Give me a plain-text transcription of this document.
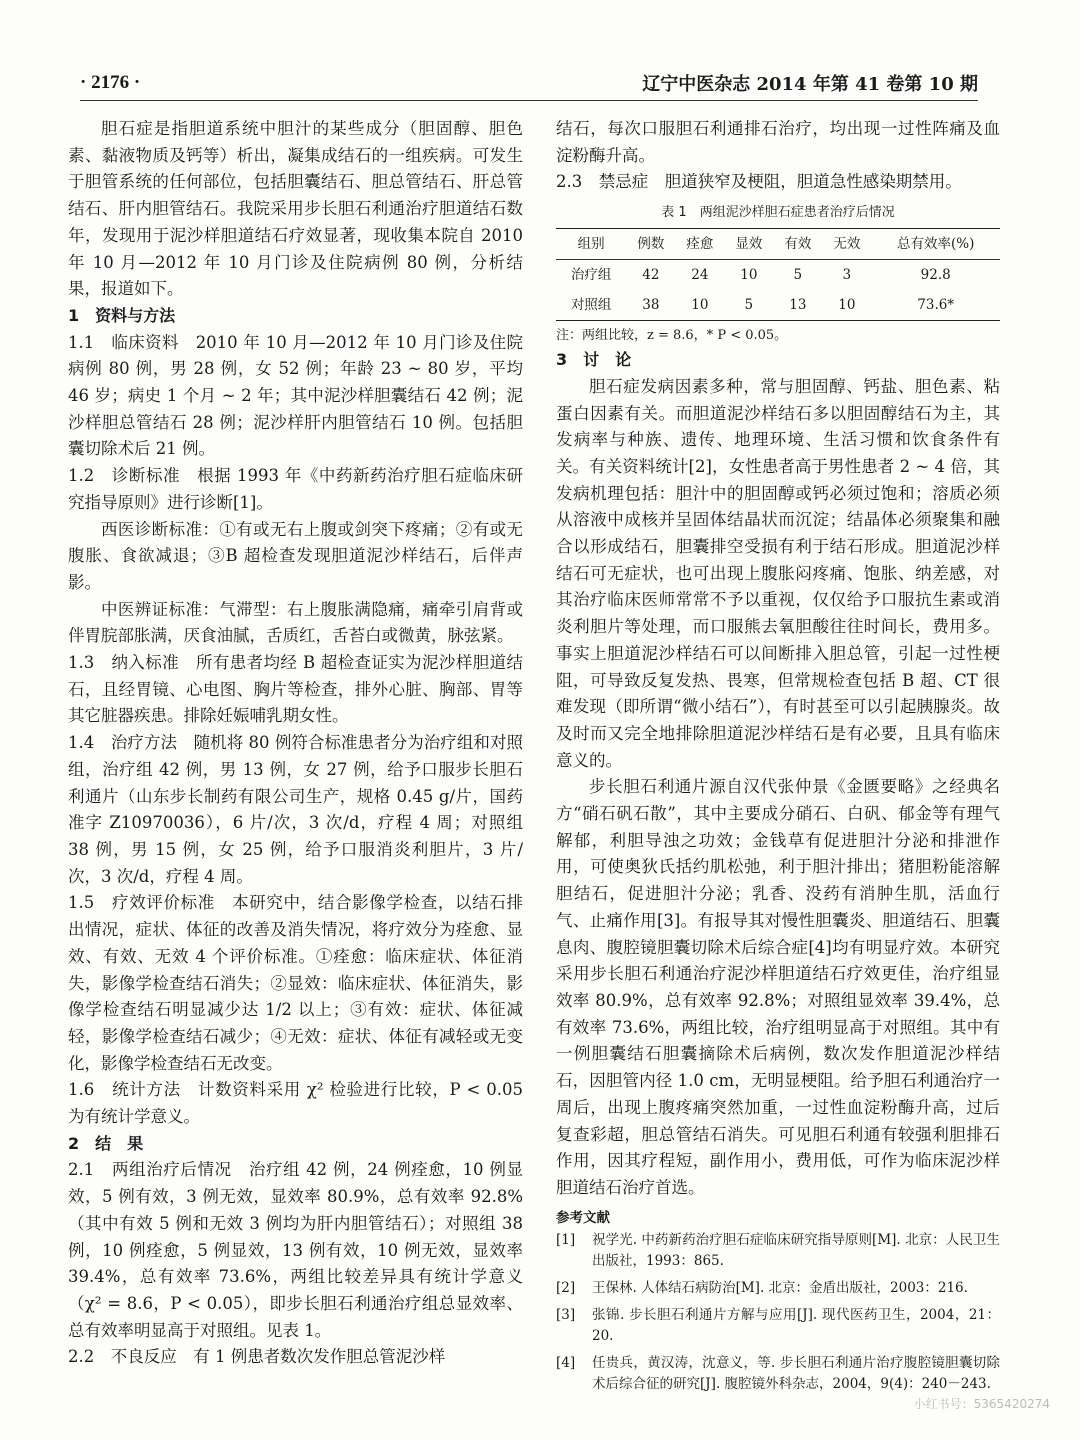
· 2176 ·	辽宁中医杂志 2014 年第 41 卷第 10 期

胆石症是指胆道系统中胆汁的某些成分（胆固醇、胆色素、黏液物质及钙等）析出，凝集成结石的一组疾病。可发生于胆管系统的任何部位，包括胆囊结石、胆总管结石、肝总管结石、肝内胆管结石。我院采用步长胆石利通治疗胆道结石数年，发现用于泥沙样胆道结石疗效显著，现收集本院自 2010 年 10 月—2012 年 10 月门诊及住院病例 80 例，分析结果，报道如下。

1　资料与方法

1.1　临床资料　 2010 年 10 月—2012 年 10 月门诊及住院病例 80 例，男 28 例，女 52 例；年龄 23 ~ 80 岁，平均 46 岁；病史 1 个月 ~ 2 年；其中泥沙样胆囊结石 42 例；泥沙样胆总管结石 28 例；泥沙样肝内胆管结石 10 例。包括胆囊切除术后 21 例。

1.2　诊断标准　 根据 1993 年《中药新药治疗胆石症临床研究指导原则》进行诊断[1]。

西医诊断标准：①有或无右上腹或剑突下疼痛；②有或无腹胀、食欲减退；③B 超检查发现胆道泥沙样结石，后伴声影。

中医辨证标准：气滞型：右上腹胀满隐痛，痛牵引肩背或伴胃脘部胀满，厌食油腻，舌质红，舌苔白或微黄，脉弦紧。

1.3　纳入标准　 所有患者均经 B 超检查证实为泥沙样胆道结石，且经胃镜、心电图、胸片等检查，排外心脏、胸部、胃等其它脏器疾患。排除妊娠哺乳期女性。

1.4　治疗方法　 随机将 80 例符合标准患者分为治疗组和对照组，治疗组 42 例，男 13 例，女 27 例，给予口服步长胆石利通片（山东步长制药有限公司生产，规格 0.45 g/片，国药准字 Z10970036），6 片/次，3 次/d，疗程 4 周；对照组 38 例，男 15 例，女 25 例，给予口服消炎利胆片，3 片/次，3 次/d，疗程 4 周。

1.5　疗效评价标准　 本研究中，结合影像学检查，以结石排出情况，症状、体征的改善及消失情况，将疗效分为痊愈、显效、有效、无效 4 个评价标准。①痊愈：临床症状、体征消失，影像学检查结石消失；②显效：临床症状、体征消失，影像学检查结石明显减少达 1/2 以上；③有效：症状、体征减轻，影像学检查结石减少；④无效：症状、体征有减轻或无变化，影像学检查结石无改变。

1.6　统计方法　 计数资料采用 χ² 检验进行比较，P < 0.05 为有统计学意义。

2　结　果

2.1　两组治疗后情况　 治疗组 42 例，24 例痊愈，10 例显效，5 例有效，3 例无效，显效率 80.9%，总有效率 92.8%（其中有效 5 例和无效 3 例均为肝内胆管结石）；对照组 38 例，10 例痊愈，5 例显效，13 例有效，10 例无效，显效率 39.4%，总有效率 73.6%，两组比较差异具有统计学意义（χ² = 8.6，P < 0.05），即步长胆石利通治疗组总显效率、总有效率明显高于对照组。见表 1。

2.2　不良反应　 有 1 例患者数次发作胆总管泥沙样

结石，每次口服胆石利通排石治疗，均出现一过性阵痛及血淀粉酶升高。

2.3　禁忌症　 胆道狭窄及梗阻，胆道急性感染期禁用。

表 1　两组泥沙样胆石症患者治疗后情况
组别	例数	痊愈	显效	有效	无效	总有效率(%)
治疗组	42	24	10	5	3	92.8
对照组	38	10	5	13	10	73.6*
注：两组比较，z = 8.6，* P < 0.05。

3　讨　论

胆石症发病因素多种，常与胆固醇、钙盐、胆色素、粘蛋白因素有关。而胆道泥沙样结石多以胆固醇结石为主，其发病率与种族、遗传、地理环境、生活习惯和饮食条件有关。有关资料统计[2]，女性患者高于男性患者 2 ~ 4 倍，其发病机理包括：胆汁中的胆固醇或钙必须过饱和；溶质必须从溶液中成核并呈固体结晶状而沉淀；结晶体必须聚集和融合以形成结石，胆囊排空受损有利于结石形成。胆道泥沙样结石可无症状，也可出现上腹胀闷疼痛、饱胀、纳差感，对其治疗临床医师常常不予以重视，仅仅给予口服抗生素或消炎利胆片等处理，而口服熊去氧胆酸往往时间长，费用多。事实上胆道泥沙样结石可以间断排入胆总管，引起一过性梗阻，可导致反复发热、畏寒，但常规检查包括 B 超、CT 很难发现（即所谓“微小结石”），有时甚至可以引起胰腺炎。故及时而又完全地排除胆道泥沙样结石是有必要，且具有临床意义的。

步长胆石利通片源自汉代张仲景《金匮要略》之经典名方“硝石矾石散”，其中主要成分硝石、白矾、郁金等有理气解郁，利胆导浊之功效；金钱草有促进胆汁分泌和排泄作用，可使奥狄氏括约肌松弛，利于胆汁排出；猪胆粉能溶解胆结石，促进胆汁分泌；乳香、没药有消肿生肌，活血行气、止痛作用[3]。有报导其对慢性胆囊炎、胆道结石、胆囊息肉、腹腔镜胆囊切除术后综合症[4]均有明显疗效。本研究采用步长胆石利通治疗泥沙样胆道结石疗效更佳，治疗组显效率 80.9%，总有效率 92.8%；对照组显效率 39.4%，总有效率 73.6%，两组比较，治疗组明显高于对照组。其中有一例胆囊结石胆囊摘除术后病例，数次发作胆道泥沙样结石，因胆管内径 1.0 cm，无明显梗阻。给予胆石利通治疗一周后，出现上腹疼痛突然加重，一过性血淀粉酶升高，过后复查彩超，胆总管结石消失。可见胆石利通有较强利胆排石作用，因其疗程短，副作用小，费用低，可作为临床泥沙样胆道结石治疗首选。

参考文献
[1]	祝学光. 中药新药治疗胆石症临床研究指导原则[M]. 北京：人民卫生出版社，1993：865.
[2]	王保林. 人体结石病防治[M]. 北京：金盾出版社，2003：216.
[3]	张锦. 步长胆石利通片方解与应用[J]. 现代医药卫生，2004，21：20.
[4]	任贵兵，黄汉涛，沈意义，等. 步长胆石利通片治疗腹腔镜胆囊切除术后综合征的研究[J]. 腹腔镜外科杂志，2004，9(4)：240－243.
小红书号：5365420274
